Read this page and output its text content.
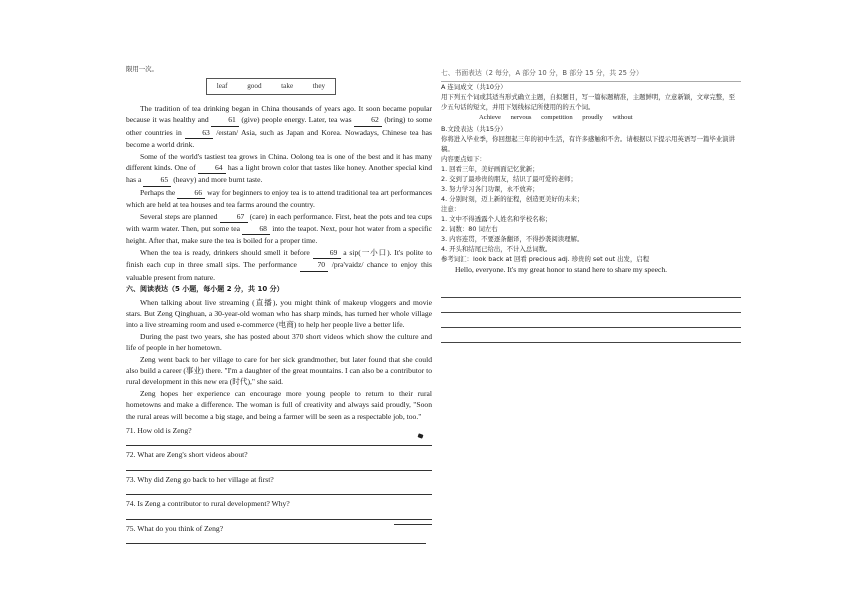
限用一次。
leaf	good	take	they

The tradition of tea drinking began in China thousands of years ago. It soon became popular because it was healthy and	61 (give) people energy. Later, tea was	62 (bring) to some other countries in	63 /eɪstan/ Asia, such as Japan and Korea. Nowadays, Chinese tea has become a world drink.

Some of the world's tastiest tea grows in China. Oolong tea is one of the best and it has many different kinds. One of	64 has a light brown color that tastes like honey. Another special kind has a	65 (heavy) and more burnt taste.

Perhaps the	66 way for beginners to enjoy tea is to attend traditional tea art performances which are held at tea houses and tea farms around the country.

Several steps are planned	67 (care) in each performance. First, heat the pots and tea cups with warm water. Then, put some tea	68 into the teapot. Next, pour hot water from a specific height. After that, make sure the tea is boiled for a proper time.

When the tea is ready, drinkers should smell it before	69 a sip(一小口). It's polite to finish each cup in three small sips. The performance	70 /prə'vaidz/ chance to enjoy this valuable present from nature.

六、阅读表达（5 小题，每小题 2 分，共 10 分）

When talking about live streaming (直播), you might think of makeup vloggers and movie stars. But Zeng Qinghuan, a 30-year-old woman who has sharp minds, has turned her whole village into a live streaming room and used e-commerce (电商) to help her people live a better life.

During the past two years, she has posted about 370 short videos which show the culture and life of people in her hometown.

Zeng went back to her village to care for her sick grandmother, but later found that she could also build a career (事业) there. "I'm a daughter of the great mountains. I can also be a contributor to rural development in this new era (时代)," she said.

Zeng hopes her experience can encourage more young people to return to their rural hometowns and make a difference. The woman is full of creativity and always said proudly, "Soon the rural areas will become a big stage, and being a farmer will be seen as a respectable job, too."

71. How old is Zeng?
72. What are Zeng's short videos about?
73. Why did Zeng go back to her village at first?
74. Is Zeng a contributor to rural development? Why?
75. What do you think of Zeng?
七、书面表达（2 每分，A 部分 10 分，B 部分 15 分，共 25 分）
A 连词成文（共10分）
用下列五个词或其适当形式确立主题，自拟题目，写一篇标题精准，主题鲜明，立意新颖，文章完整，至少五句话的短文，并用下划线标记所使用的的五个词。
Achieve nervous competition proudly without
B.文段表达（共15分）
你将进入毕业季，你回想起三年的初中生活，有许多感触和不舍。请根据以下提示用英语写一篇毕业演讲稿。
内容要点如下：
1. 回看三年，美好画面记忆犹新；
2. 交到了最珍贵的朋友，结识了最可爱的老师；
3. 努力学习各门功课，永不放弃；
4. 分别时刻，迈上新的征程，创造更美好的未来；
注意：
1. 文中不得透露个人姓名和学校名称；
2. 词数：80 词左右
3. 内容连贯，不要逐条翻译，不得抄袭阅读理解。
4. 开头和结尾已给出，不计入总词数。
参考词汇：look back at 回看 precious adj. 珍贵的 set out 出发，启程
Hello, everyone. It's my great honor to stand here to share my speech.
